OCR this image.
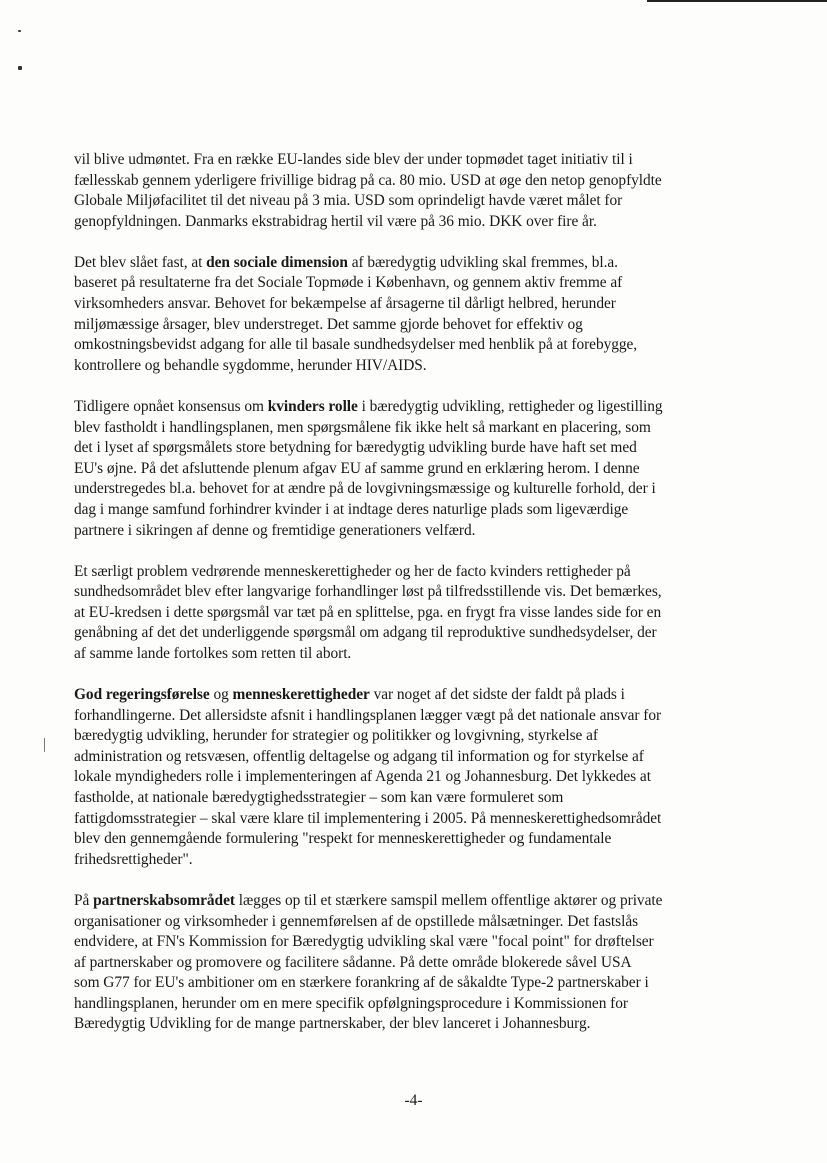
vil blive udmøntet. Fra en række EU-landes side blev der under topmødet taget initiativ til i
fællesskab gennem yderligere frivillige bidrag på ca. 80 mio. USD at øge den netop genopfyldte
Globale Miljøfacilitet til det niveau på 3 mia. USD som oprindeligt havde været målet for
genopfyldningen. Danmarks ekstrabidrag hertil vil være på 36 mio. DKK over fire år.

Det blev slået fast, at den sociale dimension af bæredygtig udvikling skal fremmes, bl.a.
baseret på resultaterne fra det Sociale Topmøde i København, og gennem aktiv fremme af
virksomheders ansvar. Behovet for bekæmpelse af årsagerne til dårligt helbred, herunder
miljømæssige årsager, blev understreget. Det samme gjorde behovet for effektiv og
omkostningsbevidst adgang for alle til basale sundhedsydelser med henblik på at forebygge,
kontrollere og behandle sygdomme, herunder HIV/AIDS.

Tidligere opnået konsensus om kvinders rolle i bæredygtig udvikling, rettigheder og ligestilling
blev fastholdt i handlingsplanen, men spørgsmålene fik ikke helt så markant en placering, som
det i lyset af spørgsmålets store betydning for bæredygtig udvikling burde have haft set med
EU's øjne. På det afsluttende plenum afgav EU af samme grund en erklæring herom. I denne
understregedes bl.a. behovet for at ændre på de lovgivningsmæssige og kulturelle forhold, der i
dag i mange samfund forhindrer kvinder i at indtage deres naturlige plads som ligeværdige
partnere i sikringen af denne og fremtidige generationers velfærd.

Et særligt problem vedrørende menneskerettigheder og her de facto kvinders rettigheder på
sundhedsområdet blev efter langvarige forhandlinger løst på tilfredsstillende vis. Det bemærkes,
at EU-kredsen i dette spørgsmål var tæt på en splittelse, pga. en frygt fra visse landes side for en
genåbning af det det underliggende spørgsmål om adgang til reproduktive sundhedsydelser, der
af samme lande fortolkes som retten til abort.

God regeringsførelse og menneskerettigheder var noget af det sidste der faldt på plads i
forhandlingerne. Det allersidste afsnit i handlingsplanen lægger vægt på det nationale ansvar for
bæredygtig udvikling, herunder for strategier og politikker og lovgivning, styrkelse af
administration og retsvæsen, offentlig deltagelse og adgang til information og for styrkelse af
lokale myndigheders rolle i implementeringen af Agenda 21 og Johannesburg. Det lykkedes at
fastholde, at nationale bæredygtighedsstrategier – som kan være formuleret som
fattigdomsstrategier – skal være klare til implementering i 2005. På menneskerettighedsområdet
blev den gennemgående formulering "respekt for menneskerettigheder og fundamentale
frihedsrettigheder".

På partnerskabsområdet lægges op til et stærkere samspil mellem offentlige aktører og private
organisationer og virksomheder i gennemførelsen af de opstillede målsætninger. Det fastslås
endvidere, at FN's Kommission for Bæredygtig udvikling skal være "focal point" for drøftelser
af partnerskaber og promovere og facilitere sådanne. På dette område blokerede såvel USA
som G77 for EU's ambitioner om en stærkere forankring af de såkaldte Type-2 partnerskaber i
handlingsplanen, herunder om en mere specifik opfølgningsprocedure i Kommissionen for
Bæredygtig Udvikling for de mange partnerskaber, der blev lanceret i Johannesburg.

-4-
